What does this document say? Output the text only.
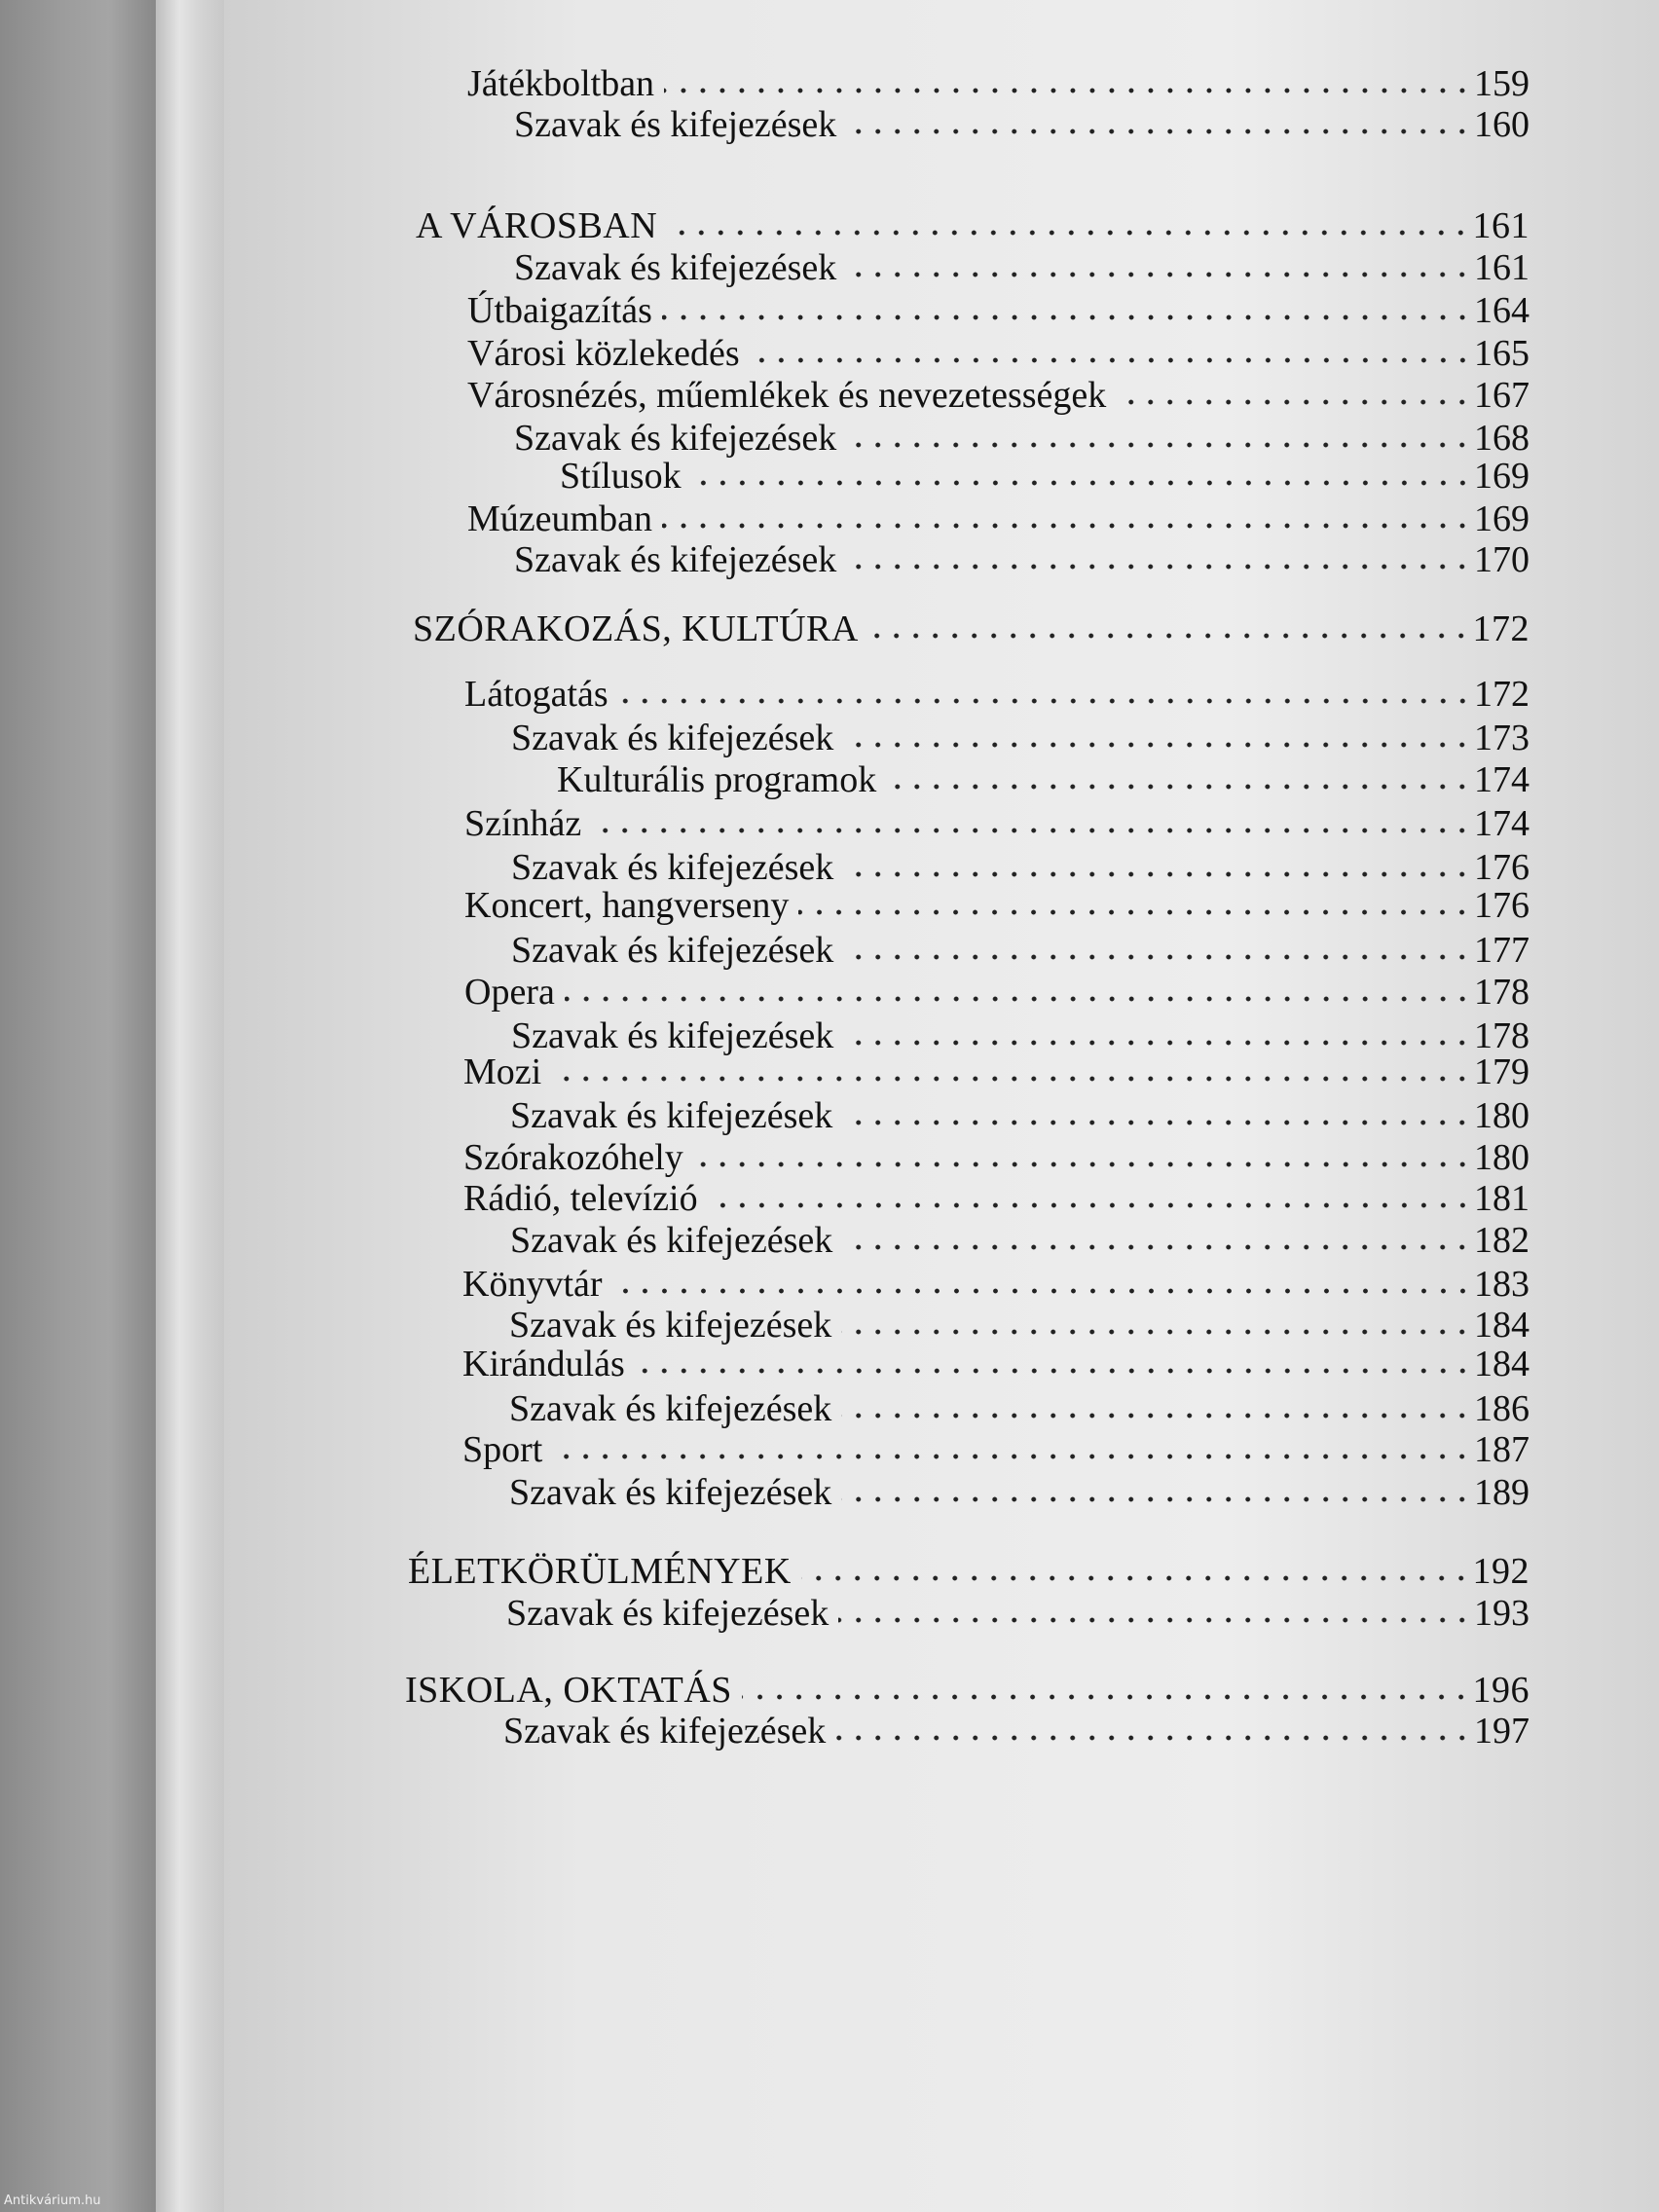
Játékboltban	159
Szavak és kifejezések	160
A VÁROSBAN	161
Szavak és kifejezések	161
Útbaigazítás	164
Városi közlekedés	165
Városnézés, műemlékek és nevezetességek	167
Szavak és kifejezések	168
Stílusok	169
Múzeumban	169
Szavak és kifejezések	170
SZÓRAKOZÁS, KULTÚRA	172
Látogatás	172
Szavak és kifejezések	173
Kulturális programok	174
Színház	174
Szavak és kifejezések	176
Koncert, hangverseny	176
Szavak és kifejezések	177
Opera	178
Szavak és kifejezések	178
Mozi	179
Szavak és kifejezések	180
Szórakozóhely	180
Rádió, televízió	181
Szavak és kifejezések	182
Könyvtár	183
Szavak és kifejezések	184
Kirándulás	184
Szavak és kifejezések	186
Sport	187
Szavak és kifejezések	189
ÉLETKÖRÜLMÉNYEK	192
Szavak és kifejezések	193
ISKOLA, OKTATÁS	196
Szavak és kifejezések	197
Antikvárium.hu
